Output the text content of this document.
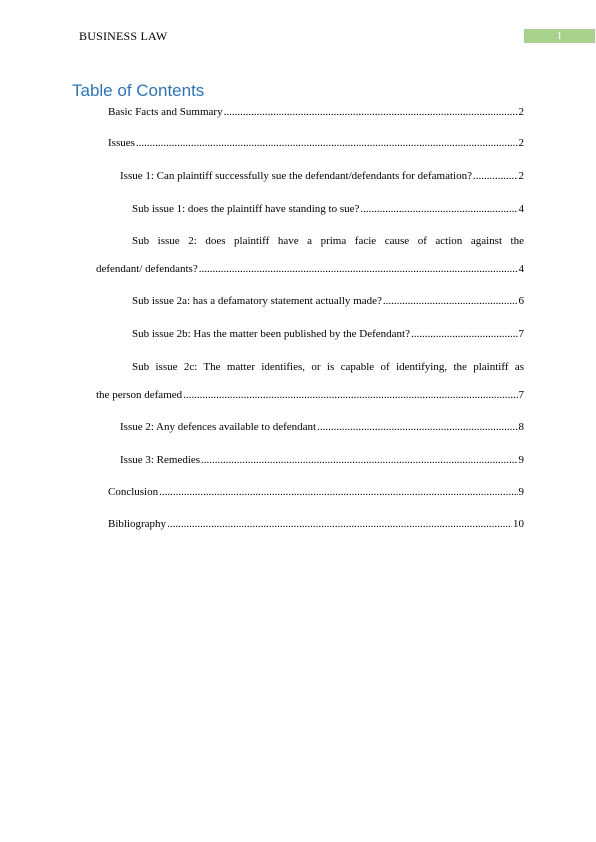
BUSINESS LAW	1
Table of Contents
Basic Facts and Summary .....	2
Issues .....	2
Issue 1: Can plaintiff successfully sue the defendant/defendants for defamation? .....	2
Sub issue 1: does the plaintiff have standing to sue? .....	4
Sub issue 2: does plaintiff have a prima facie cause of action against the
defendant/ defendants? .....	4
Sub issue 2a: has a defamatory statement actually made? .....	6
Sub issue 2b: Has the matter been published by the Defendant? .....	7
Sub issue 2c: The matter identifies, or is capable of identifying, the plaintiff as
the person defamed .....	7
Issue 2: Any defences available to defendant .....	8
Issue 3: Remedies .....	9
Conclusion .....	9
Bibliography .....	10
